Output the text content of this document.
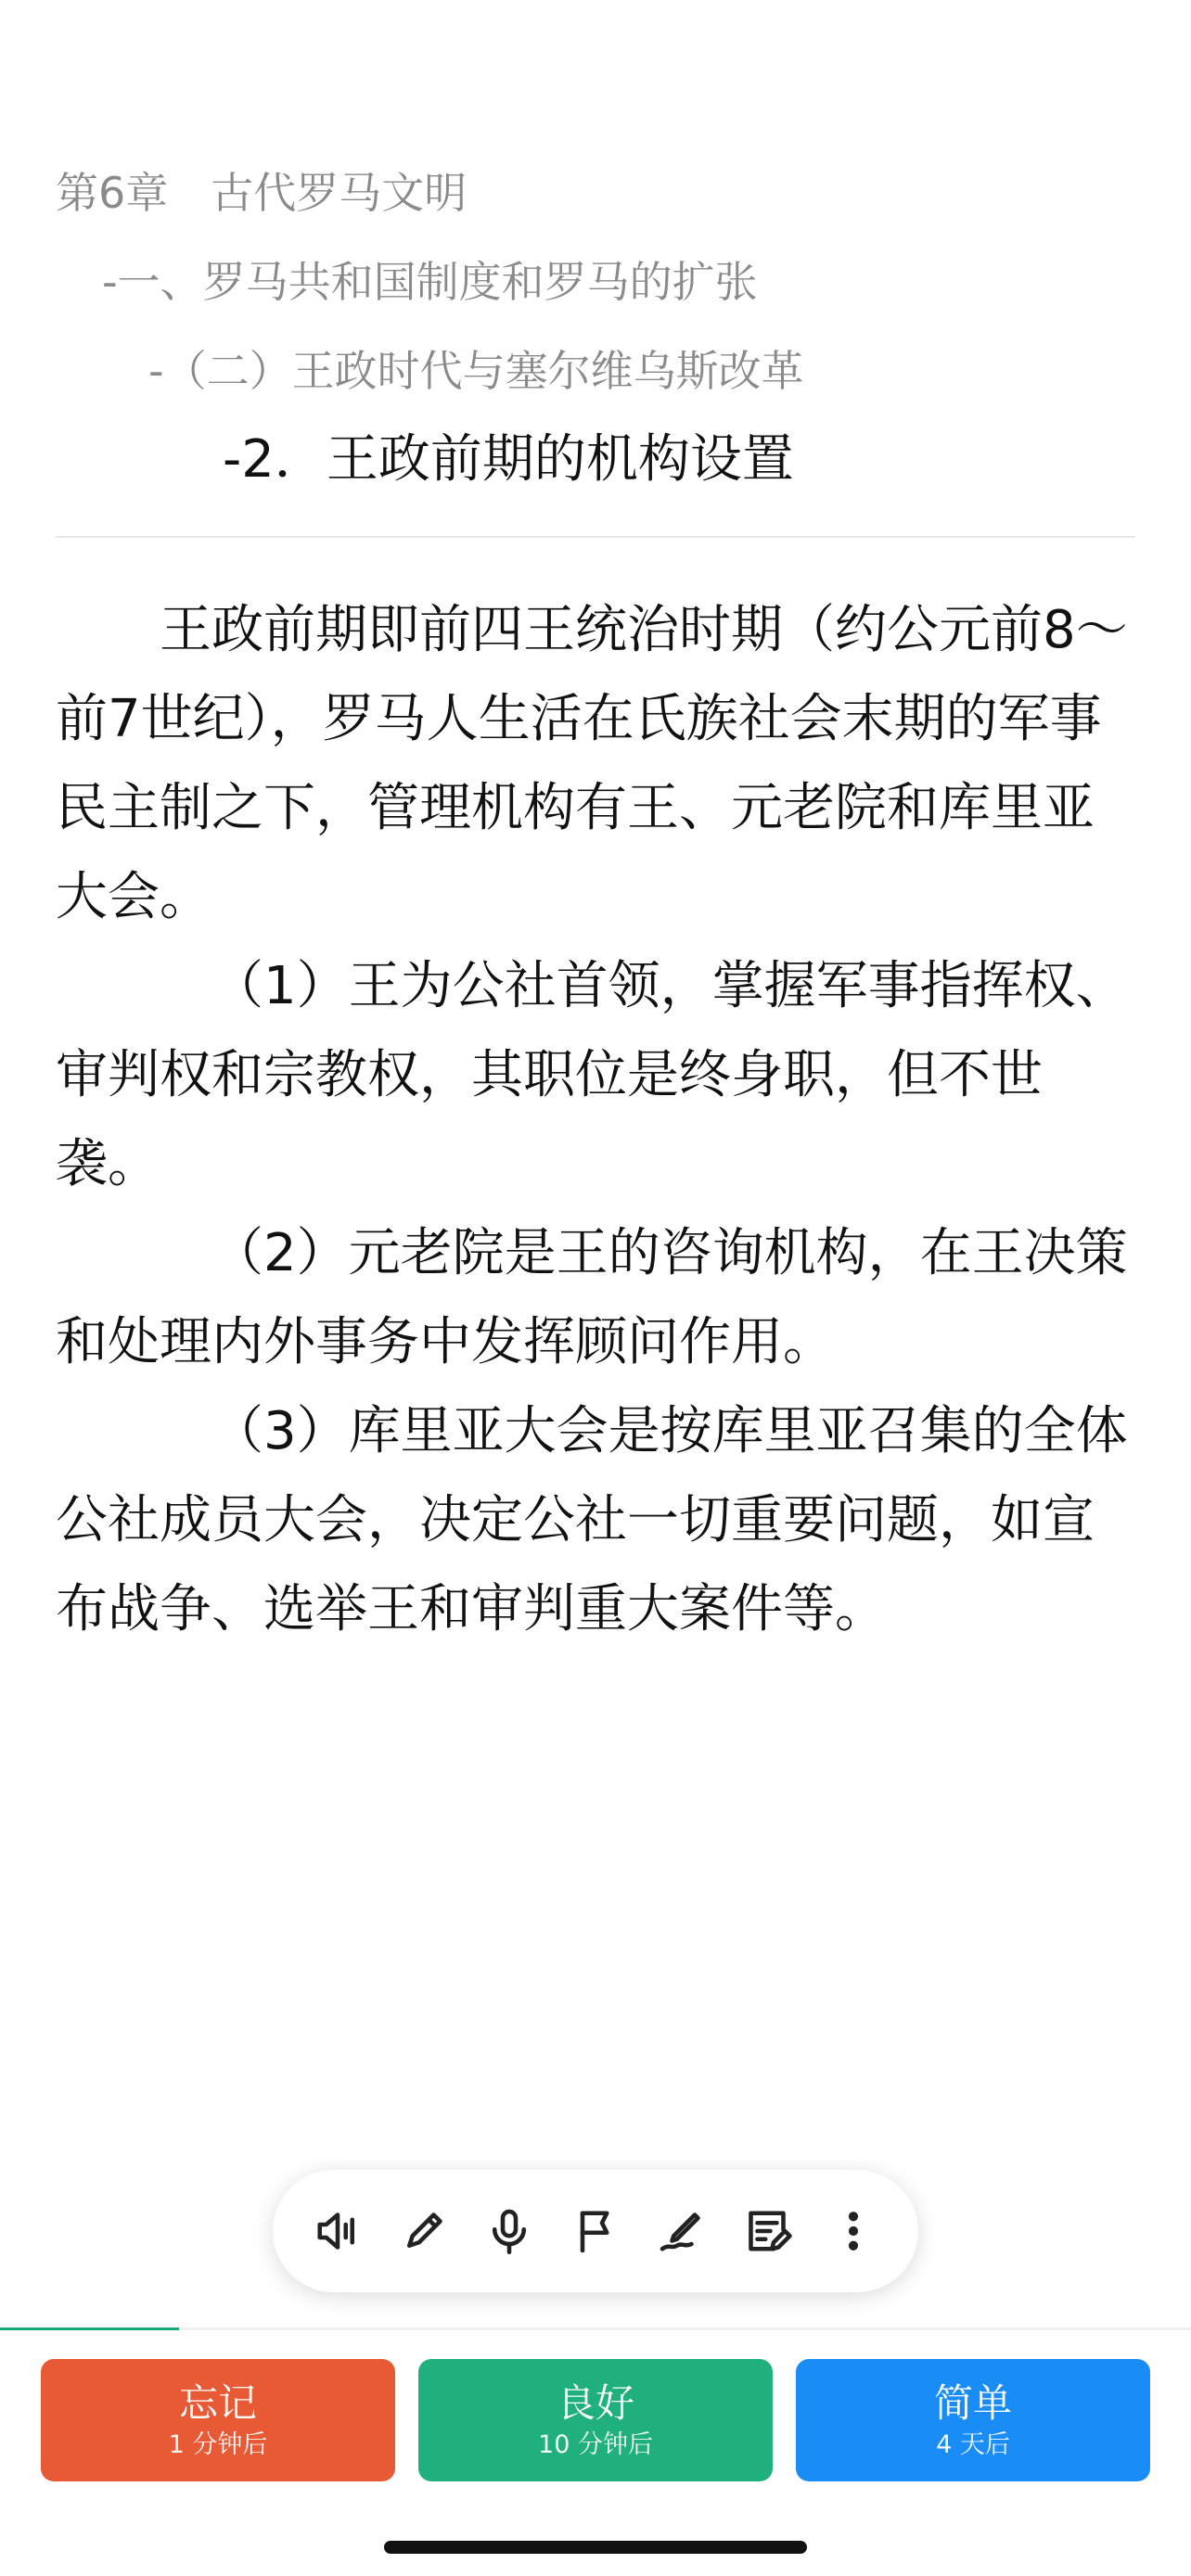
第6章　古代罗马文明
-一、罗马共和国制度和罗马的扩张
-（二）王政时代与塞尔维乌斯改革
-2．王政前期的机构设置

王政前期即前四王统治时期（约公元前8～前7世纪），罗马人生活在氏族社会末期的军事民主制之下，管理机构有王、元老院和库里亚大会。

（1）王为公社首领，掌握军事指挥权、审判权和宗教权，其职位是终身职，但不世袭。

（2）元老院是王的咨询机构，在王决策和处理内外事务中发挥顾问作用。

（3）库里亚大会是按库里亚召集的全体公社成员大会，决定公社一切重要问题，如宣布战争、选举王和审判重大案件等。

忘记
1 分钟后
良好
10 分钟后
简单
4 天后
